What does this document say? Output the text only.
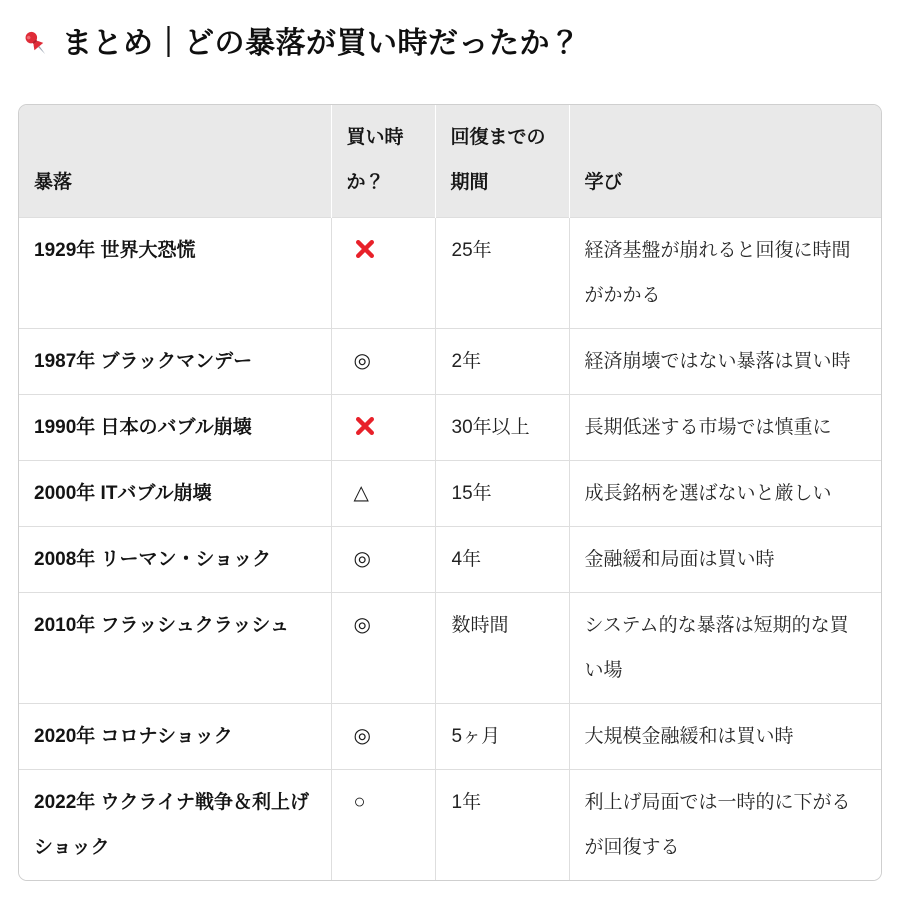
まとめ｜どの暴落が買い時だったか？
暴落	買い時か？	回復までの期間	学び
1929年 世界大恐慌		25年	経済基盤が崩れると回復に時間がかかる
1987年 ブラックマンデー	◎	2年	経済崩壊ではない暴落は買い時
1990年 日本のバブル崩壊		30年以上	長期低迷する市場では慎重に
2000年 ITバブル崩壊	△	15年	成長銘柄を選ばないと厳しい
2008年 リーマン・ショック	◎	4年	金融緩和局面は買い時
2010年 フラッシュクラッシュ	◎	数時間	システム的な暴落は短期的な買い場
2020年 コロナショック	◎	5ヶ月	大規模金融緩和は買い時
2022年 ウクライナ戦争＆利上げショック	○	1年	利上げ局面では一時的に下がるが回復する
